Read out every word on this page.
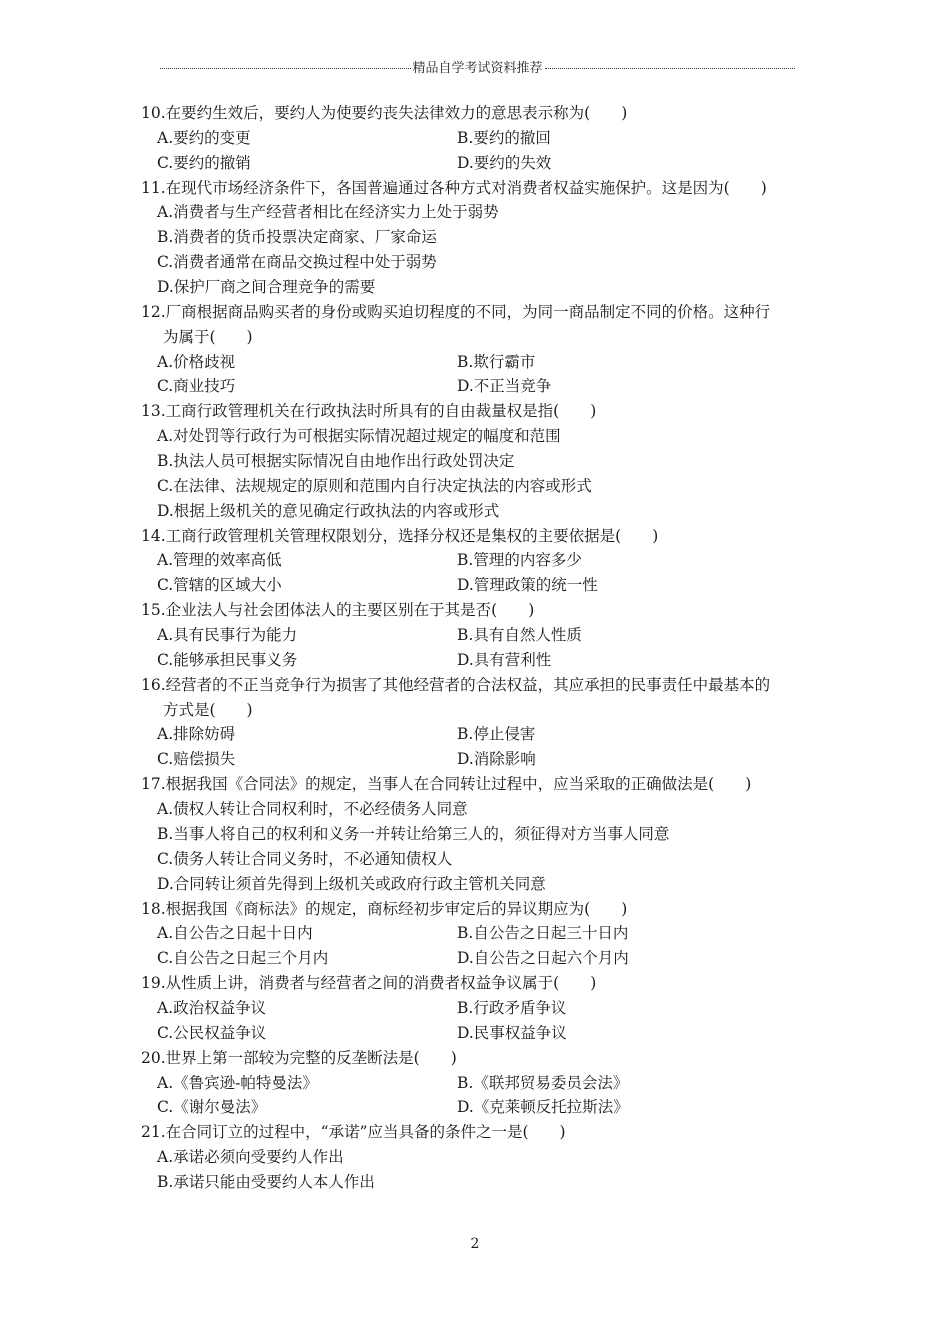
精品自学考试资料推荐
10.在要约生效后，要约人为使要约丧失法律效力的意思表示称为(　　)
A.要约的变更	B.要约的撤回
C.要约的撤销	D.要约的失效
11.在现代市场经济条件下，各国普遍通过各种方式对消费者权益实施保护。这是因为(　　)
A.消费者与生产经营者相比在经济实力上处于弱势
B.消费者的货币投票决定商家、厂家命运
C.消费者通常在商品交换过程中处于弱势
D.保护厂商之间合理竞争的需要
12.厂商根据商品购买者的身份或购买迫切程度的不同，为同一商品制定不同的价格。这种行
为属于(　　)
A.价格歧视	B.欺行霸市
C.商业技巧	D.不正当竞争
13.工商行政管理机关在行政执法时所具有的自由裁量权是指(　　)
A.对处罚等行政行为可根据实际情况超过规定的幅度和范围
B.执法人员可根据实际情况自由地作出行政处罚决定
C.在法律、法规规定的原则和范围内自行决定执法的内容或形式
D.根据上级机关的意见确定行政执法的内容或形式
14.工商行政管理机关管理权限划分，选择分权还是集权的主要依据是(　　)
A.管理的效率高低	B.管理的内容多少
C.管辖的区域大小	D.管理政策的统一性
15.企业法人与社会团体法人的主要区别在于其是否(　　)
A.具有民事行为能力	B.具有自然人性质
C.能够承担民事义务	D.具有营利性
16.经营者的不正当竞争行为损害了其他经营者的合法权益，其应承担的民事责任中最基本的
方式是(　　)
A.排除妨碍	B.停止侵害
C.赔偿损失	D.消除影响
17.根据我国《合同法》的规定，当事人在合同转让过程中，应当采取的正确做法是(　　)
A.债权人转让合同权利时，不必经债务人同意
B.当事人将自己的权利和义务一并转让给第三人的，须征得对方当事人同意
C.债务人转让合同义务时，不必通知债权人
D.合同转让须首先得到上级机关或政府行政主管机关同意
18.根据我国《商标法》的规定，商标经初步审定后的异议期应为(　　)
A.自公告之日起十日内	B.自公告之日起三十日内
C.自公告之日起三个月内	D.自公告之日起六个月内
19.从性质上讲，消费者与经营者之间的消费者权益争议属于(　　)
A.政治权益争议	B.行政矛盾争议
C.公民权益争议	D.民事权益争议
20.世界上第一部较为完整的反垄断法是(　　)
A.《鲁宾逊-帕特曼法》	B.《联邦贸易委员会法》
C.《谢尔曼法》	D.《克莱顿反托拉斯法》
21.在合同订立的过程中，“承诺”应当具备的条件之一是(　　)
A.承诺必须向受要约人作出
B.承诺只能由受要约人本人作出
2
